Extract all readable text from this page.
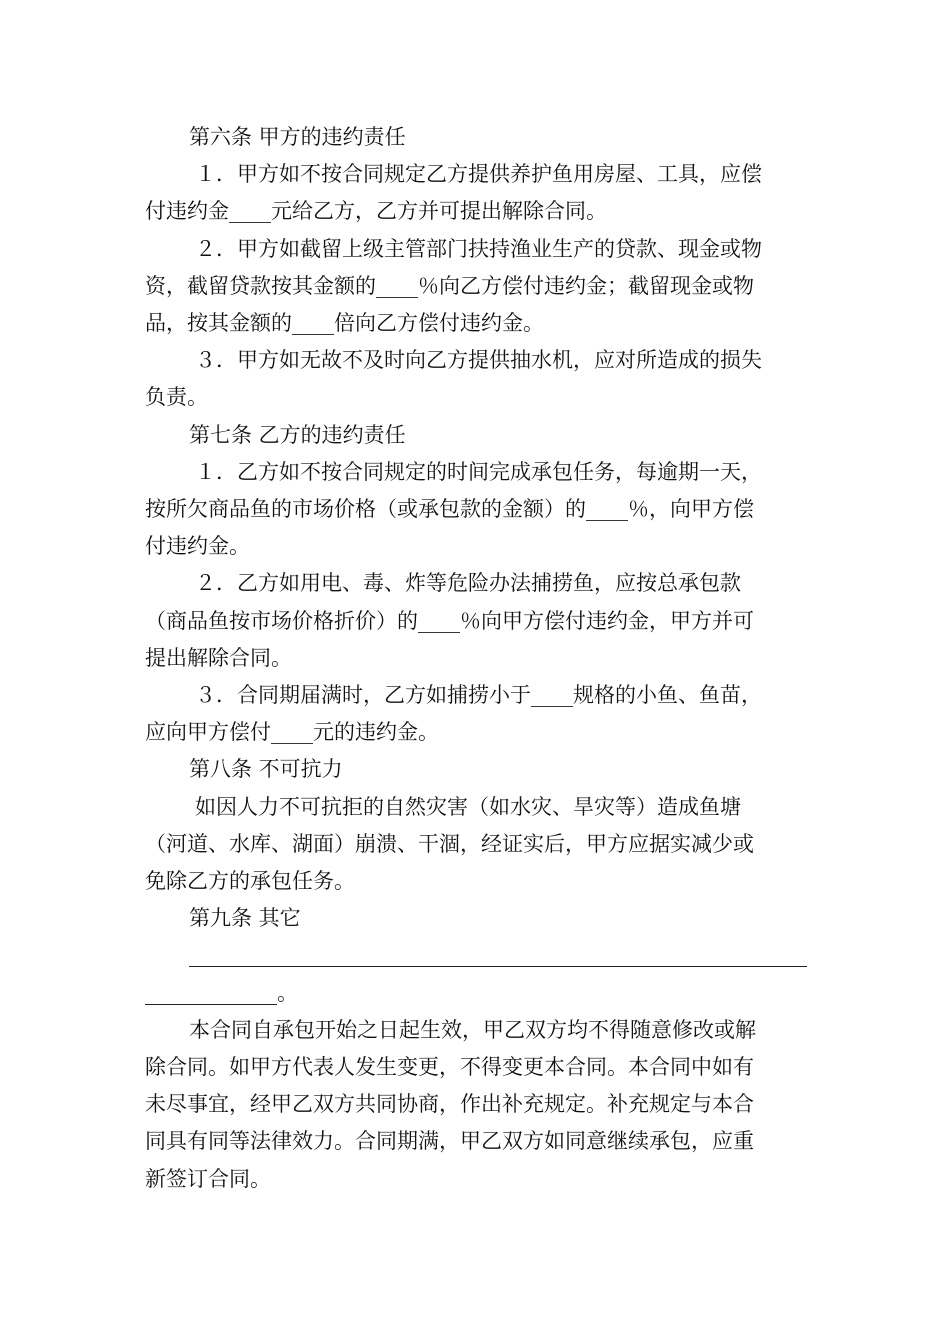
第六条 甲方的违约责任
１．甲方如不按合同规定乙方提供养护鱼用房屋、工具，应偿
付违约金____元给乙方，乙方并可提出解除合同。
２．甲方如截留上级主管部门扶持渔业生产的贷款、现金或物
资，截留贷款按其金额的____％向乙方偿付违约金；截留现金或物
品，按其金额的____倍向乙方偿付违约金。
３．甲方如无故不及时向乙方提供抽水机，应对所造成的损失
负责。
第七条 乙方的违约责任
１．乙方如不按合同规定的时间完成承包任务，每逾期一天，
按所欠商品鱼的市场价格（或承包款的金额）的____％，向甲方偿
付违约金。
２．乙方如用电、毒、炸等危险办法捕捞鱼，应按总承包款
（商品鱼按市场价格折价）的____％向甲方偿付违约金，甲方并可
提出解除合同。
３．合同期届满时，乙方如捕捞小于____规格的小鱼、鱼苗，
应向甲方偿付____元的违约金。
第八条 不可抗力
如因人力不可抗拒的自然灾害（如水灾、旱灾等）造成鱼塘
（河道、水库、湖面）崩溃、干涸，经证实后，甲方应据实减少或
免除乙方的承包任务。
第九条 其它
。
本合同自承包开始之日起生效，甲乙双方均不得随意修改或解
除合同。如甲方代表人发生变更，不得变更本合同。本合同中如有
未尽事宜，经甲乙双方共同协商，作出补充规定。补充规定与本合
同具有同等法律效力。合同期满，甲乙双方如同意继续承包，应重
新签订合同。
